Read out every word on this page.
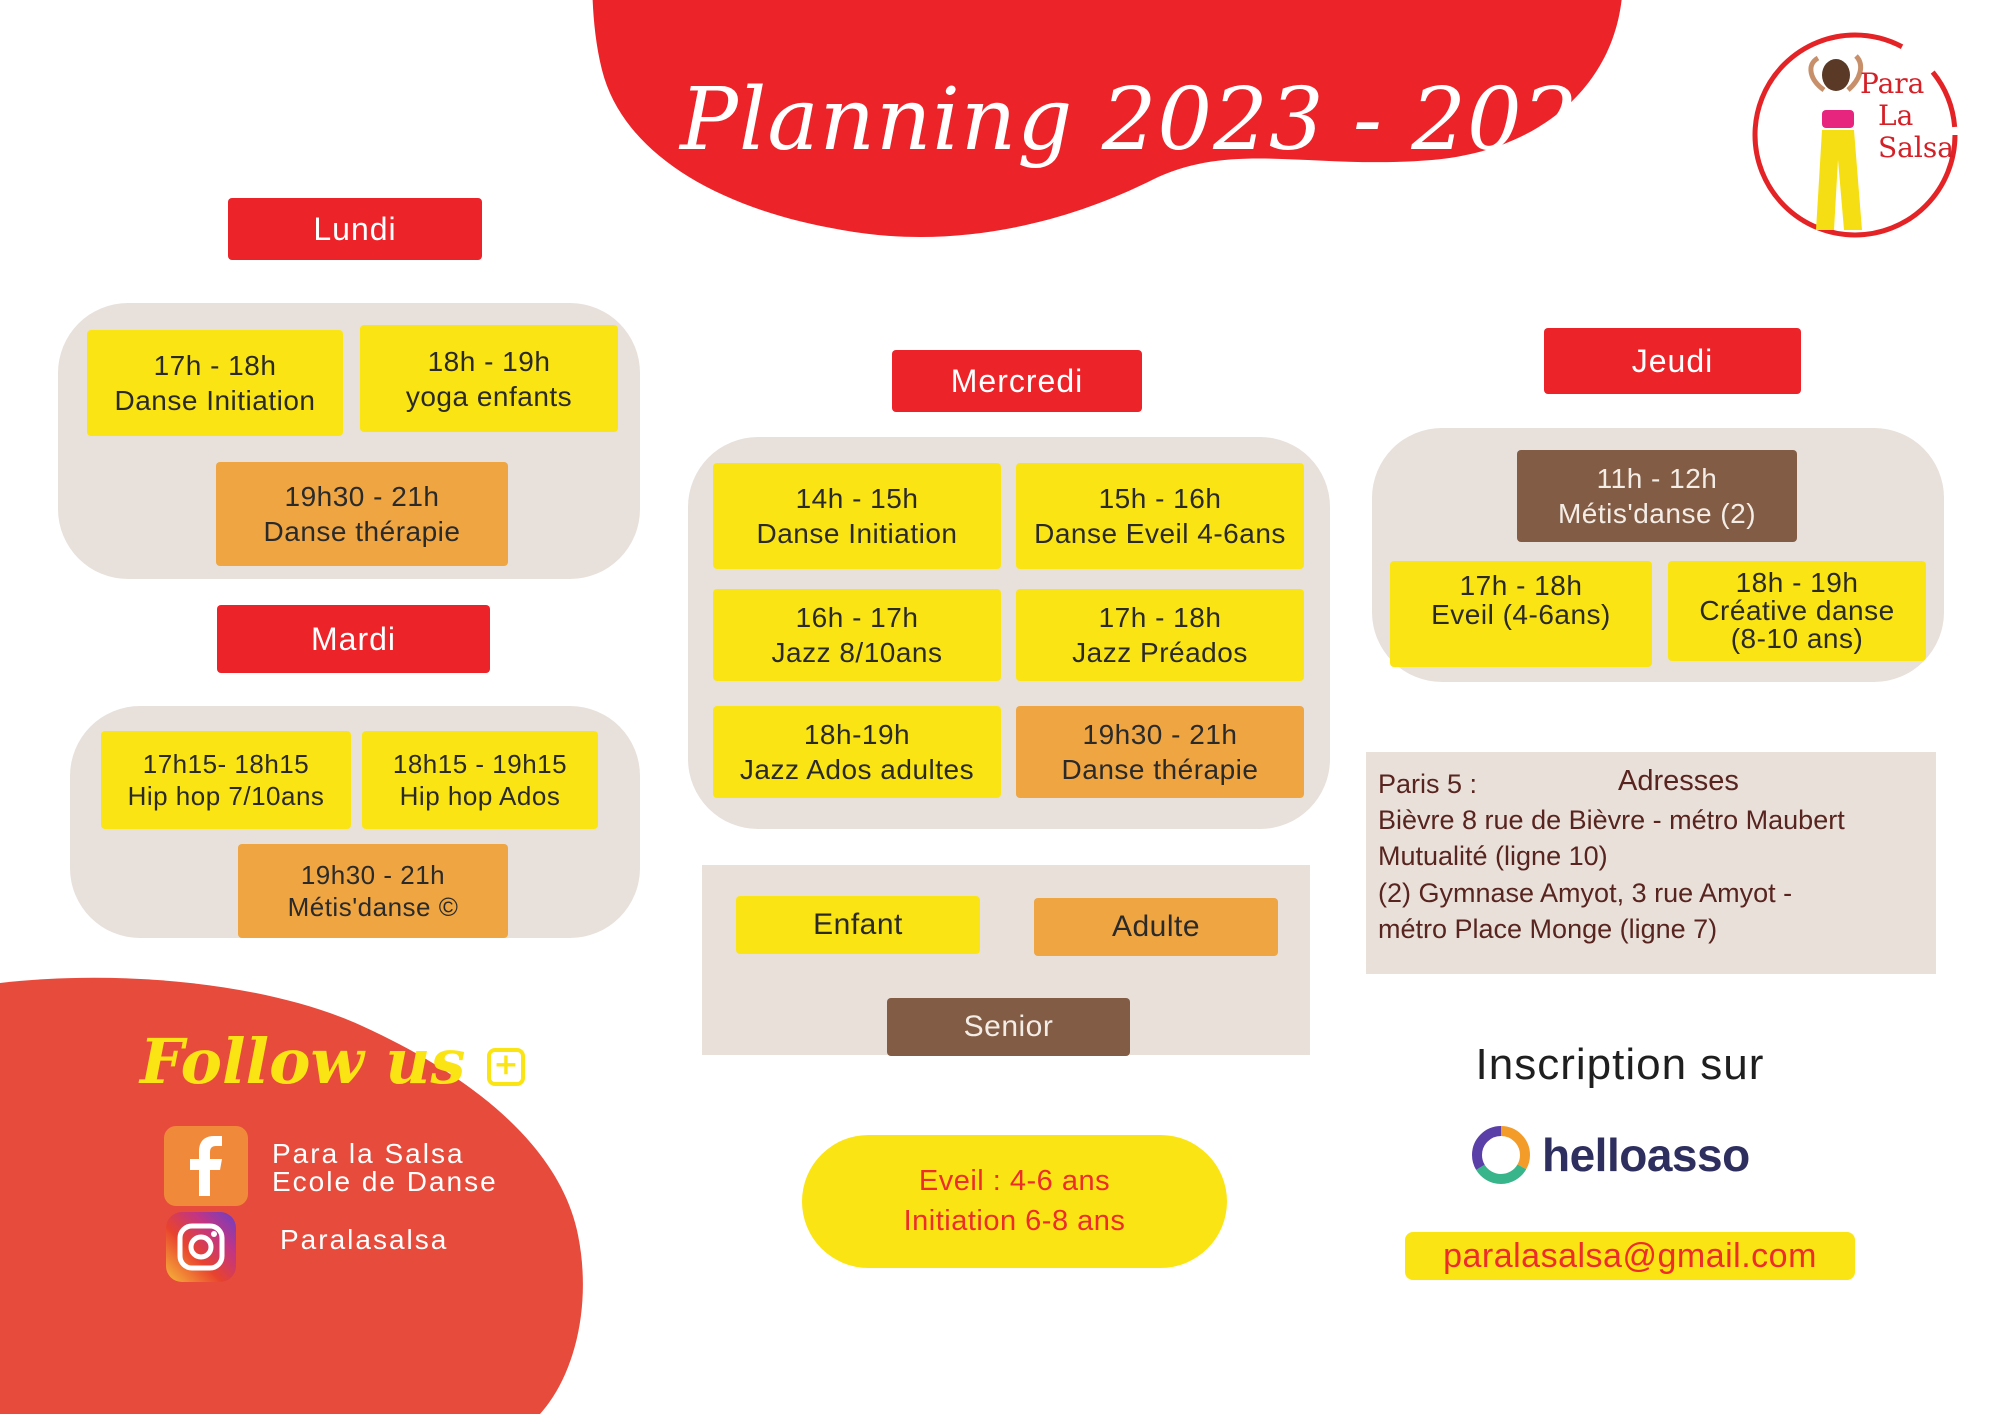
Planning 2023 - 2024	Para
La
Salsa
Lundi
17h - 18h
Danse Initiation
18h - 19h
yoga enfants
19h30 - 21h
Danse thérapie
Mardi
17h15- 18h15
Hip hop 7/10ans
18h15 - 19h15
Hip hop Ados
19h30 - 21h
Métis'danse ©
Mercredi
14h - 15h
Danse Initiation
15h - 16h
Danse Eveil 4-6ans
16h - 17h
Jazz 8/10ans
17h - 18h
Jazz Préados
18h-19h
Jazz Ados adultes
19h30 - 21h
Danse thérapie
Jeudi
11h - 12h
Métis'danse (2)
17h - 18h
Eveil (4-6ans)
18h - 19h
Créative danse
(8-10 ans)
Enfant	Adulte
Senior
Paris 5 :	Adresses
Bièvre 8 rue de Bièvre - métro Maubert
Mutualité (ligne 10)
(2) Gymnase Amyot, 3 rue Amyot -
métro Place Monge (ligne 7)
Eveil : 4-6 ans
Initiation 6-8 ans
Inscription sur
helloasso
paralasalsa@gmail.com
Follow us +
Para la Salsa
Ecole de Danse
Paralasalsa
